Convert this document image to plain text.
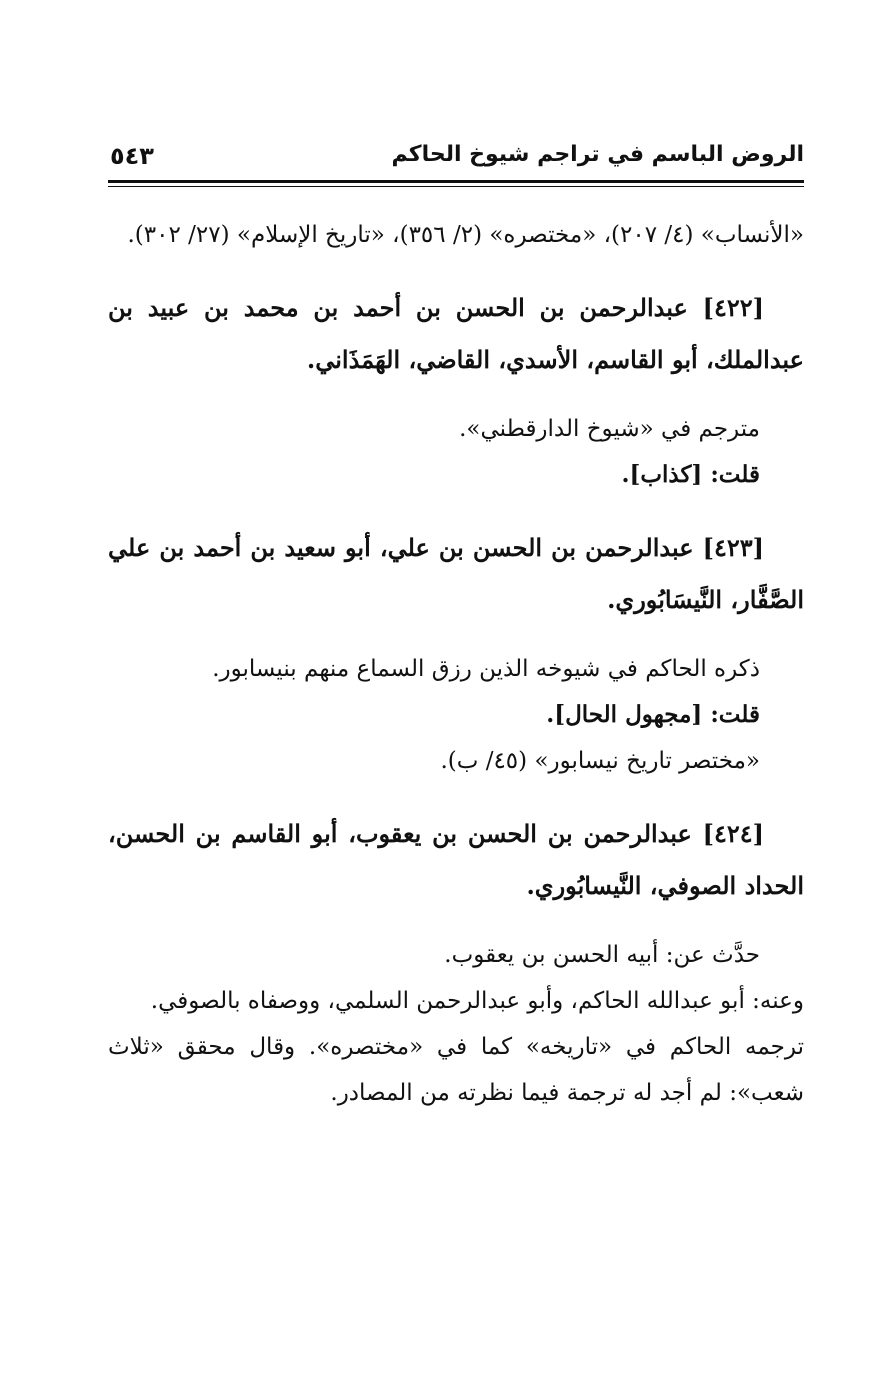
الروض الباسم في تراجم شيوخ الحاكم
٥٤٣

«الأنساب» (٤/ ٢٠٧)، «مختصره» (٢/ ٣٥٦)، «تاريخ الإسلام» (٢٧/ ٣٠٢).

[٤٢٢] عبدالرحمن بن الحسن بن أحمد بن محمد بن عبيد بن عبدالملك، أبو القاسم، الأسدي، القاضي، الهَمَذَاني.

مترجم في «شيوخ الدارقطني».

قلت: [كذاب].

[٤٢٣] عبدالرحمن بن الحسن بن علي، أبو سعيد بن أحمد بن علي الصَّفَّار، النَّيسَابُوري.

ذكره الحاكم في شيوخه الذين رزق السماع منهم بنيسابور.

قلت: [مجهول الحال].

«مختصر تاريخ نيسابور» (٤٥/ ب).

[٤٢٤] عبدالرحمن بن الحسن بن يعقوب، أبو القاسم بن الحسن، الحداد الصوفي، النَّيسابُوري.

حدَّث عن: أبيه الحسن بن يعقوب.

وعنه: أبو عبدالله الحاكم، وأبو عبدالرحمن السلمي، ووصفاه بالصوفي.

ترجمه الحاكم في «تاريخه» كما في «مختصره». وقال محقق «ثلاث شعب»: لم أجد له ترجمة فيما نظرته من المصادر.
